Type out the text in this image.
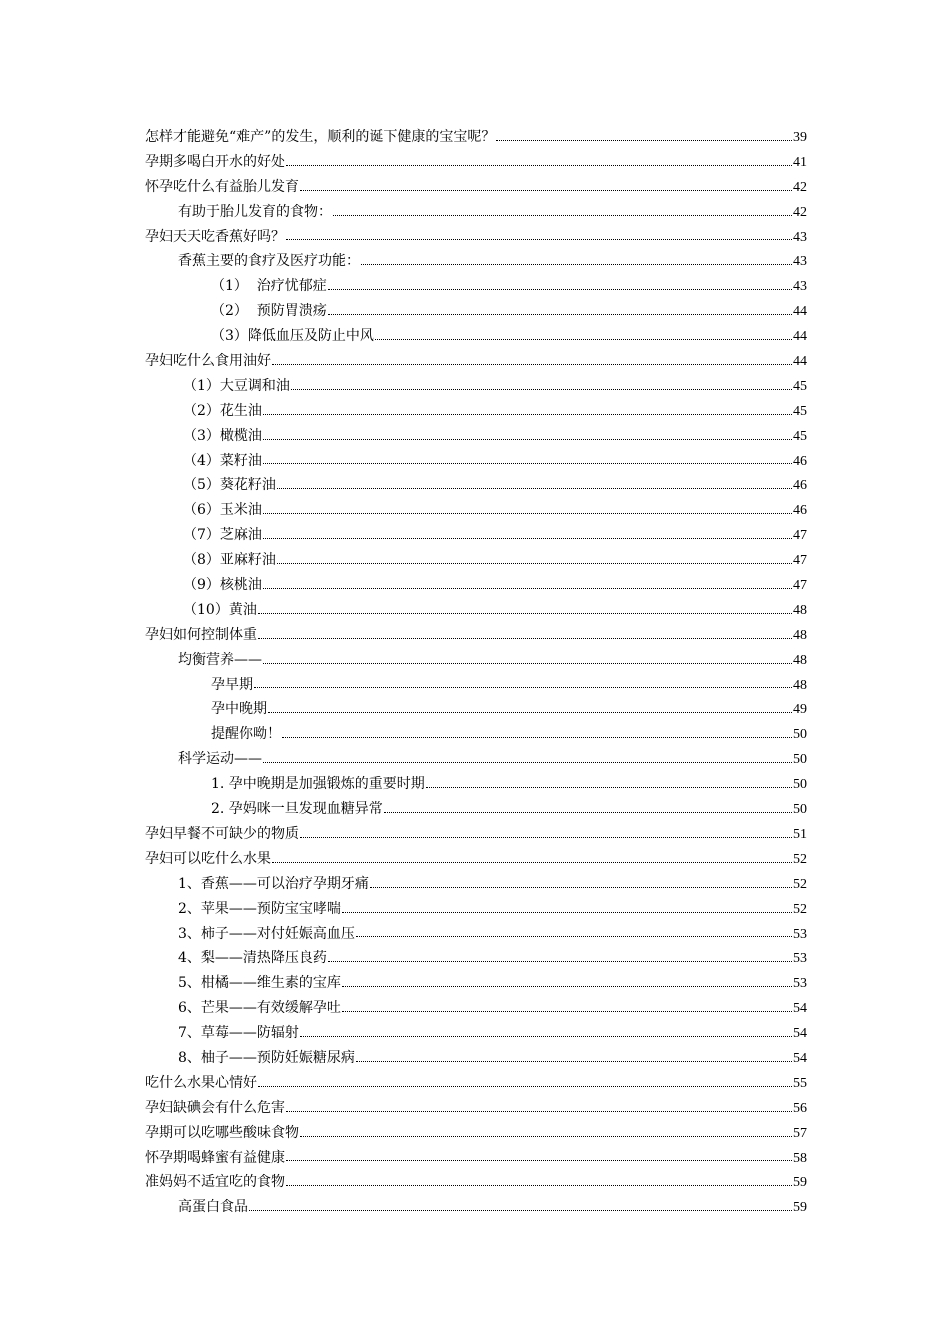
怎样才能避免“难产”的发生，顺利的诞下健康的宝宝呢？	39
孕期多喝白开水的好处	41
怀孕吃什么有益胎儿发育	42
有助于胎儿发育的食物：	42
孕妇天天吃香蕉好吗？	43
香蕉主要的食疗及医疗功能：	43
（1）  治疗忧郁症	43
（2）  预防胃溃疡	44
（3）降低血压及防止中风	44
孕妇吃什么食用油好	44
（1）大豆调和油	45
（2）花生油	45
（3）橄榄油	45
（4）菜籽油	46
（5）葵花籽油	46
（6）玉米油	46
（7）芝麻油	47
（8）亚麻籽油	47
（9）核桃油	47
（10）黄油	48
孕妇如何控制体重	48
均衡营养——	48
孕早期	48
孕中晚期	49
提醒你呦！	50
科学运动——	50
1. 孕中晚期是加强锻炼的重要时期	50
2. 孕妈咪一旦发现血糖异常	50
孕妇早餐不可缺少的物质	51
孕妇可以吃什么水果	52
1、香蕉——可以治疗孕期牙痛	52
2、苹果——预防宝宝哮喘	52
3、柿子——对付妊娠高血压	53
4、梨——清热降压良药	53
5、柑橘——维生素的宝库	53
6、芒果——有效缓解孕吐	54
7、草莓——防辐射	54
8、柚子——预防妊娠糖尿病	54
吃什么水果心情好	55
孕妇缺碘会有什么危害	56
孕期可以吃哪些酸味食物	57
怀孕期喝蜂蜜有益健康	58
准妈妈不适宜吃的食物	59
高蛋白食品	59
